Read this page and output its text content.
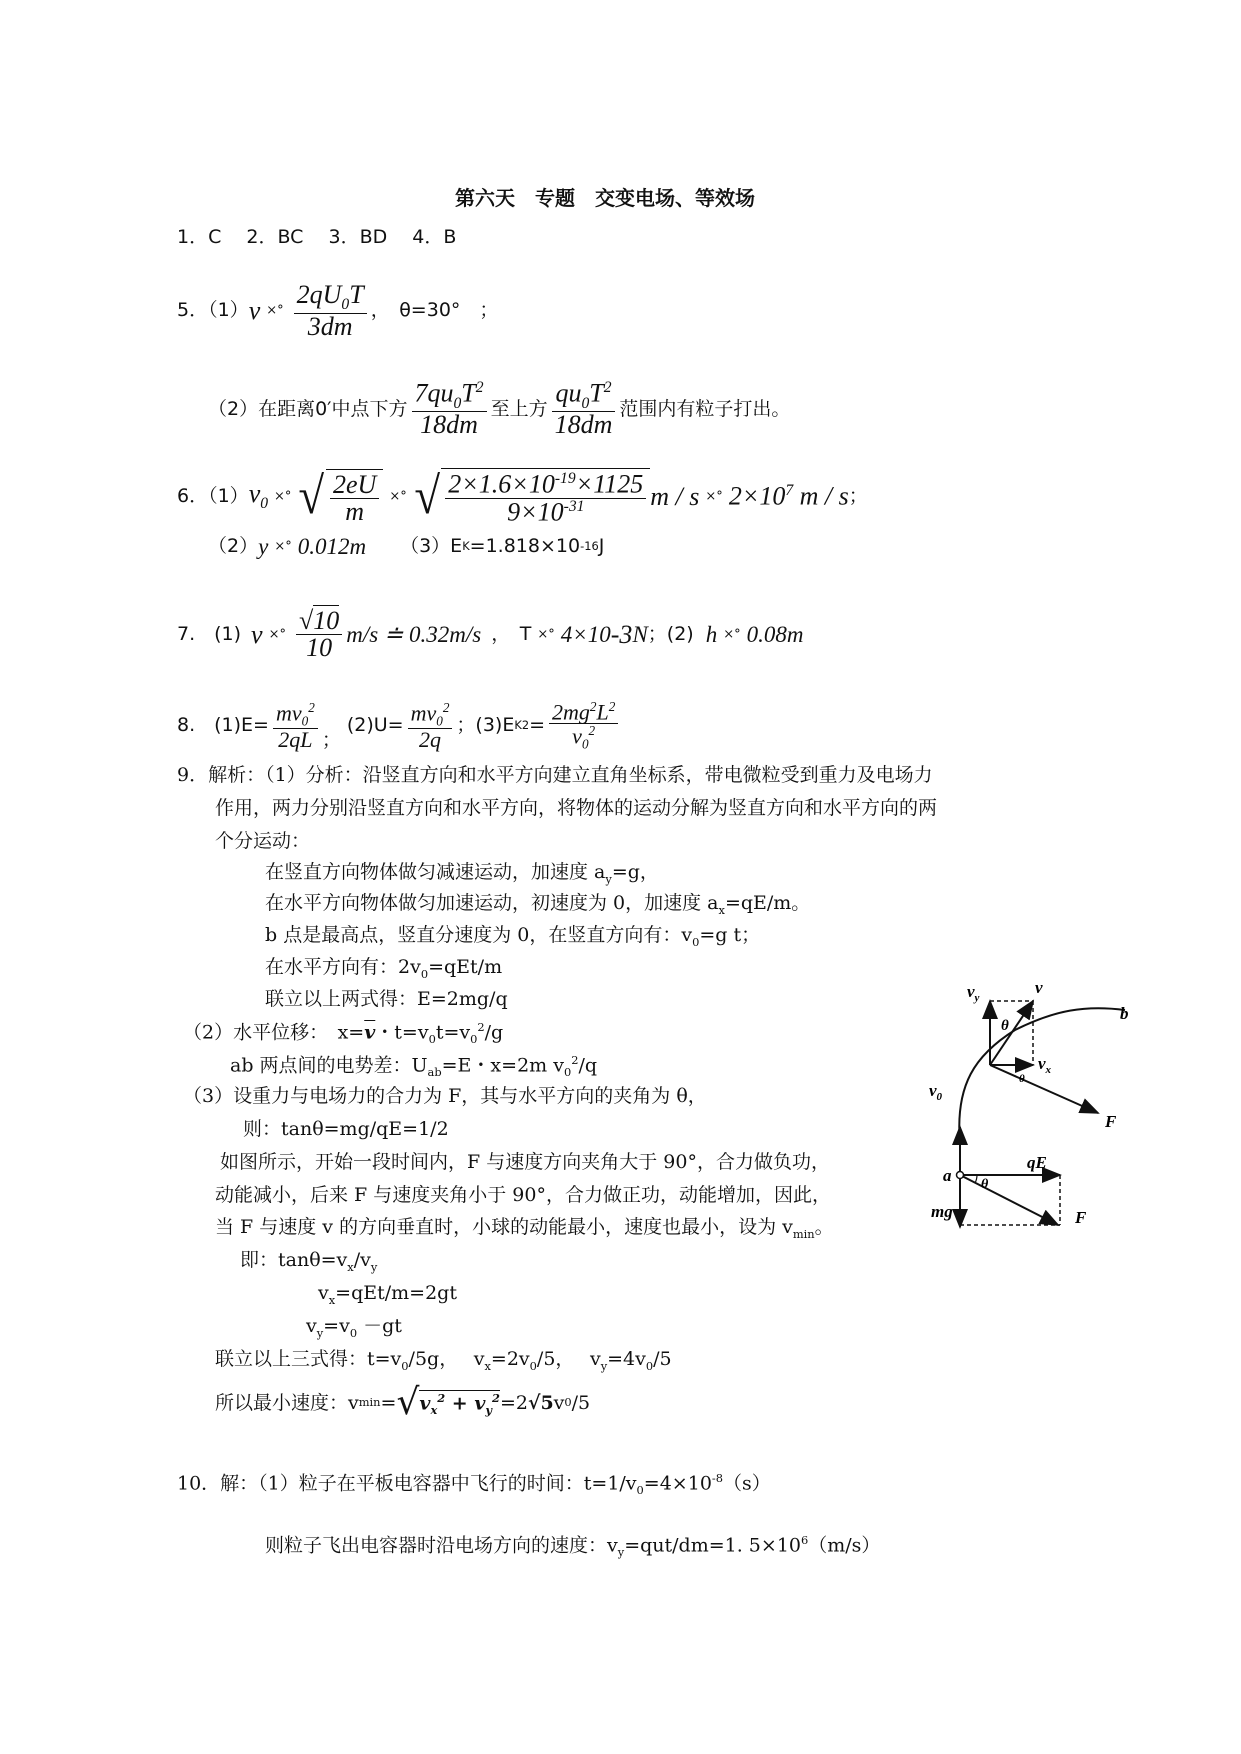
第六天　专题　交变电场、等效场
1．C　 2．BC　 3．BD　 4．B
5．（1） v ×° $\frac{2qU_0T}{3dm}$ ，　θ=30°　；
（2）在距离 0′中点下方 $\frac{7qu_0T^2}{18dm}$ 至上方 $\frac{qu_0T^2}{18dm}$ 范围内有粒子打出。
6．（1） $v_0$ ×° √ $\frac{2eU}{m}$ ×° √ $\frac{2\times 1.6\times 10^{-19}\times 1125}{9\times 10^{-31}}$ m / s ×° $2\times 10^7$ m / s ；
（2） y ×° 0.012m （3）E K =1.818×10 -16 J
7.　(1) v ×° $\frac{√10}{10} m/s$ ≐ 0.32m/s ，　T ×° 4×10 -3 N ；(2) h ×° 0.08m
8.　$(1)E= \frac{mv_0^2}{2qL}$ ；
$(2)U= \frac{mv_0^2}{2q}$ ；(3)E $K2 = \frac{2mg^2L^2}{v_0^2}$
9．解析：（1）分析：沿竖直方向和水平方向建立直角坐标系，带电微粒受到重力及电场力
作用，两力分别沿竖直方向和水平方向，将物体的运动分解为竖直方向和水平方向的两
个分运动：
在竖直方向物体做匀减速运动，加速度 $a_y=g$，
在水平方向物体做匀加速运动，初速度为 0，加速度 $a_x=qE/m$。
b 点是最高点，竖直分速度为 0，在竖直方向有：$v_0=g$ t；
在水平方向有：$2v_0=qEt/m$
联立以上两式得：E=2mg/q
（2）水平位移：　$x=\overline{v}$・$t=v_0t=v_0^2/g$
ab 两点间的电势差：$U_{ab}=E$・x=2m $v_0^2/q$
（3）设重力与电场力的合力为 F，其与水平方向的夹角为 θ，
则：tanθ=mg/qE=1/2
如图所示，开始一段时间内，F 与速度方向夹角大于 90°，合力做负功，
动能减小，后来 F 与速度夹角小于 90°，合力做正功，动能增加，因此，
当 F 与速度 v 的方向垂直时，小球的动能最小，速度也最小，设为 $v_{min}$。
即：$\tan\theta=v_x/v_y$
$v_x=qEt/m=2gt$
$v_y=v_0 -gt$
联立以上三式得：$t=v_0/5g$，　 $v_x=2v_0/5$，　 $v_y=4v_0/5$
所以最小速度：v min = √ $v_x^2 + v_y^2 =2$ √5 v 0 /5
10．解：（1）粒子在平板电容器中飞行的时间：$t=1/v_0=4\times 10^{-8}(s)$
则粒子飞出电容器时沿电场方向的速度：$v_y=qut/dm=1$. $5\times 10^6(m/s)$
$v_y$
v
θ
$v_x$
θ
b
$v_0$
F
qE
a θ
mg	F
